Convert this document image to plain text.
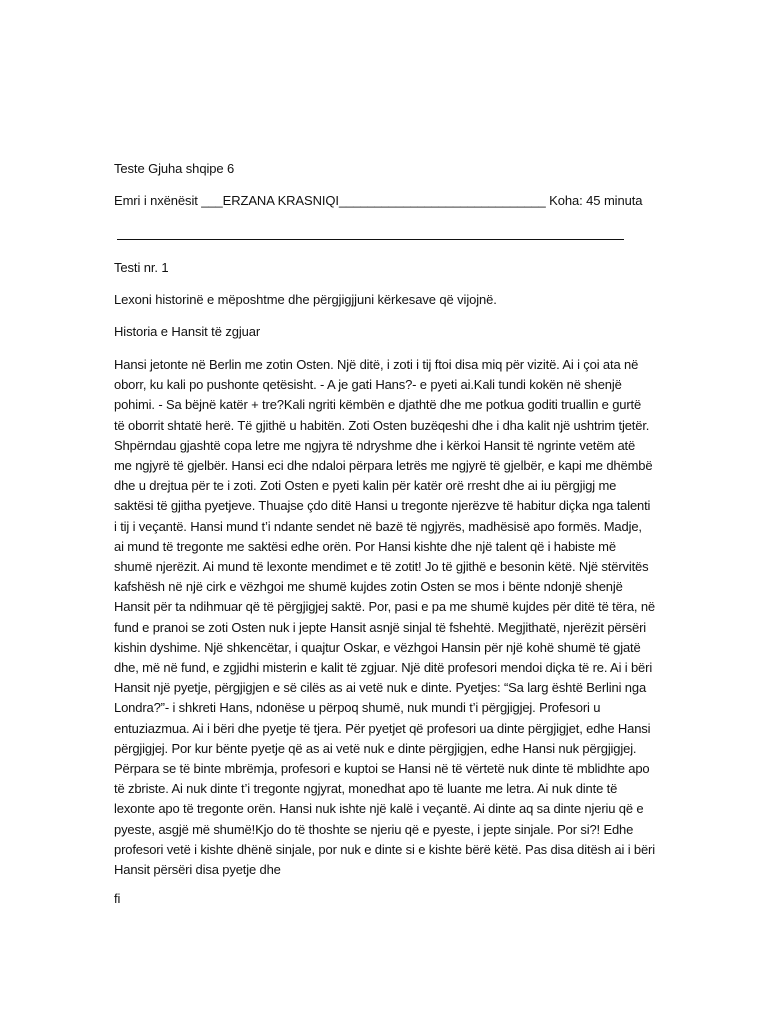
Teste Gjuha shqipe 6
Emri i nxënësit ___ERZANA KRASNIQI_____________________________ Koha: 45 minuta
Testi nr. 1
Lexoni historinë e mëposhtme dhe përgjigjjuni kërkesave që vijojnë.
Historia e Hansit të zgjuar

Hansi jetonte në Berlin me zotin Osten. Një ditë, i zoti i tij ftoi disa miq për vizitë. Ai i çoi ata në oborr, ku kali po pushonte qetësisht. - A je gati Hans?- e pyeti ai.Kali tundi kokën në shenjë pohimi. - Sa bëjnë katër + tre?Kali ngriti këmbën e djathtë dhe me potkua goditi truallin e gurtë të oborrit shtatë herë. Të gjithë u habitën. Zoti Osten buzëqeshi dhe i dha kalit një ushtrim tjetër. Shpërndau gjashtë copa letre me ngjyra të ndryshme dhe i kërkoi Hansit të ngrinte vetëm atë me ngjyrë të gjelbër. Hansi eci dhe ndaloi përpara letrës me ngjyrë të gjelbër, e kapi me dhëmbë dhe u drejtua për te i zoti. Zoti Osten e pyeti kalin për katër orë rresht dhe ai iu përgjigj me saktësi të gjitha pyetjeve. Thuajse çdo ditë Hansi u tregonte njerëzve të habitur diçka nga talenti i tij i veçantë. Hansi mund t’i ndante sendet në bazë të ngjyrës, madhësisë apo formës. Madje, ai mund të tregonte me saktësi edhe orën. Por Hansi kishte dhe një talent që i habiste më shumë njerëzit. Ai mund të lexonte mendimet e të zotit! Jo të gjithë e besonin këtë. Një stërvitës kafshësh në një cirk e vëzhgoi me shumë kujdes zotin Osten se mos i bënte ndonjë shenjë Hansit për ta ndihmuar që të përgjigjej saktë. Por, pasi e pa me shumë kujdes për ditë të tëra, në fund e pranoi se zoti Osten nuk i jepte Hansit asnjë sinjal të fshehtë. Megjithatë, njerëzit përsëri kishin dyshime. Një shkencëtar, i quajtur Oskar, e vëzhgoi Hansin për një kohë shumë të gjatë dhe, më në fund, e zgjidhi misterin e kalit të zgjuar. Një ditë profesori mendoi diçka të re. Ai i bëri Hansit një pyetje, përgjigjen e së cilës as ai vetë nuk e dinte. Pyetjes: “Sa larg është Berlini nga Londra?”- i shkreti Hans, ndonëse u përpoq shumë, nuk mundi t’i përgjigjej. Profesori u entuziazmua. Ai i bëri dhe pyetje të tjera. Për pyetjet që profesori ua dinte përgjigjet, edhe Hansi përgjigjej. Por kur bënte pyetje që as ai vetë nuk e dinte përgjigjen, edhe Hansi nuk përgjigjej. Përpara se të binte mbrëmja, profesori e kuptoi se Hansi në të vërtetë nuk dinte të mblidhte apo të zbriste. Ai nuk dinte t’i tregonte ngjyrat, monedhat apo të luante me letra. Ai nuk dinte të lexonte apo të tregonte orën. Hansi nuk ishte një kalë i veçantë. Ai dinte aq sa dinte njeriu që e pyeste, asgjë më shumë!Kjo do të thoshte se njeriu që e pyeste, i jepte sinjale. Por si?! Edhe profesori vetë i kishte dhënë sinjale, por nuk e dinte si e kishte bërë këtë. Pas disa ditësh ai i bëri Hansit përsëri disa pyetje dhe

fi
